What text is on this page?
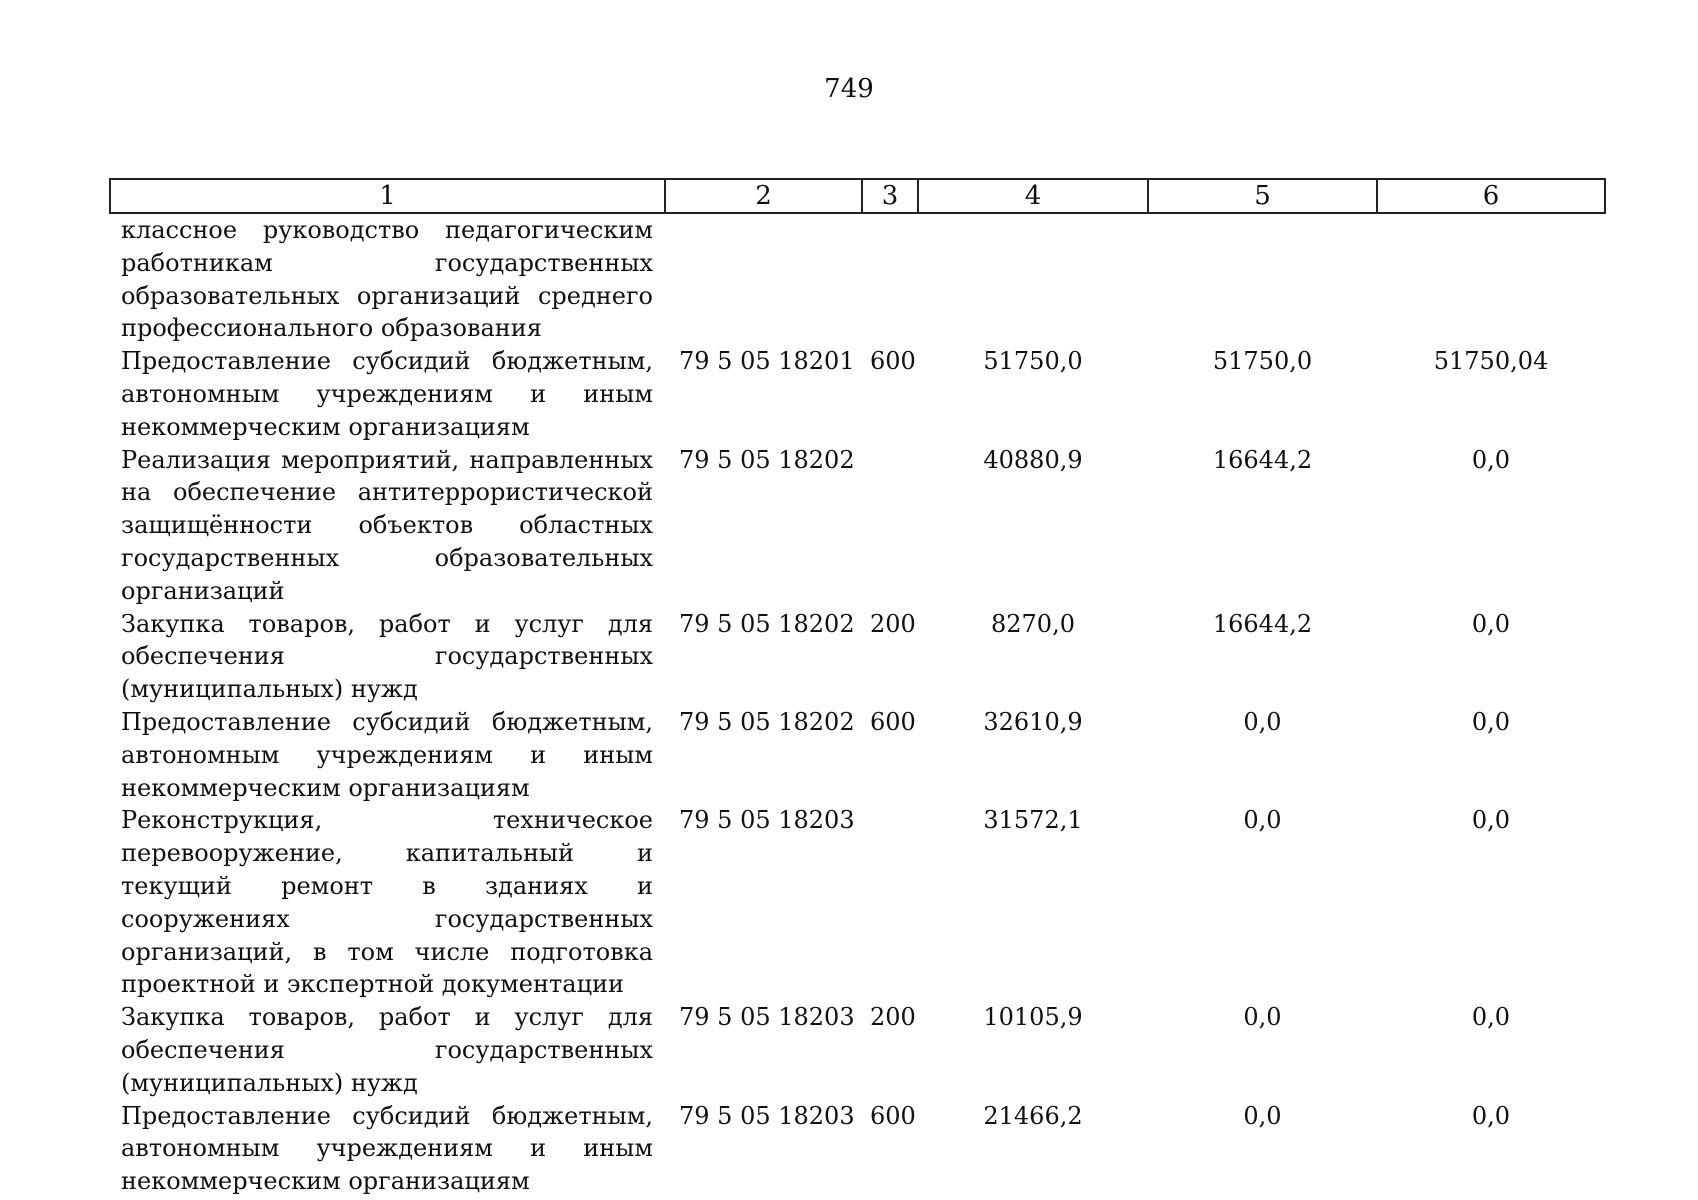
749
1	2	3	4	5	6
классное руководство педагогическим работникам государственных образовательных организаций среднего профессионального образования					
Предоставление субсидий бюджетным, автономным учреждениям и иным некоммерческим организациям	79 5 05 18201	600	51750,0	51750,0	51750,04
Реализация мероприятий, направленных на обеспечение антитеррористической защищённости объектов областных государственных образовательных организаций	79 5 05 18202		40880,9	16644,2	0,0
Закупка товаров, работ и услуг для обеспечения государственных (муниципальных) нужд	79 5 05 18202	200	8270,0	16644,2	0,0
Предоставление субсидий бюджетным, автономным учреждениям и иным некоммерческим организациям	79 5 05 18202	600	32610,9	0,0	0,0
Реконструкция, техническое перевооружение, капитальный и текущий ремонт в зданиях и сооружениях государственных организаций, в том числе подготовка проектной и экспертной документации	79 5 05 18203		31572,1	0,0	0,0
Закупка товаров, работ и услуг для обеспечения государственных (муниципальных) нужд	79 5 05 18203	200	10105,9	0,0	0,0
Предоставление субсидий бюджетным, автономным учреждениям и иным некоммерческим организациям	79 5 05 18203	600	21466,2	0,0	0,0
